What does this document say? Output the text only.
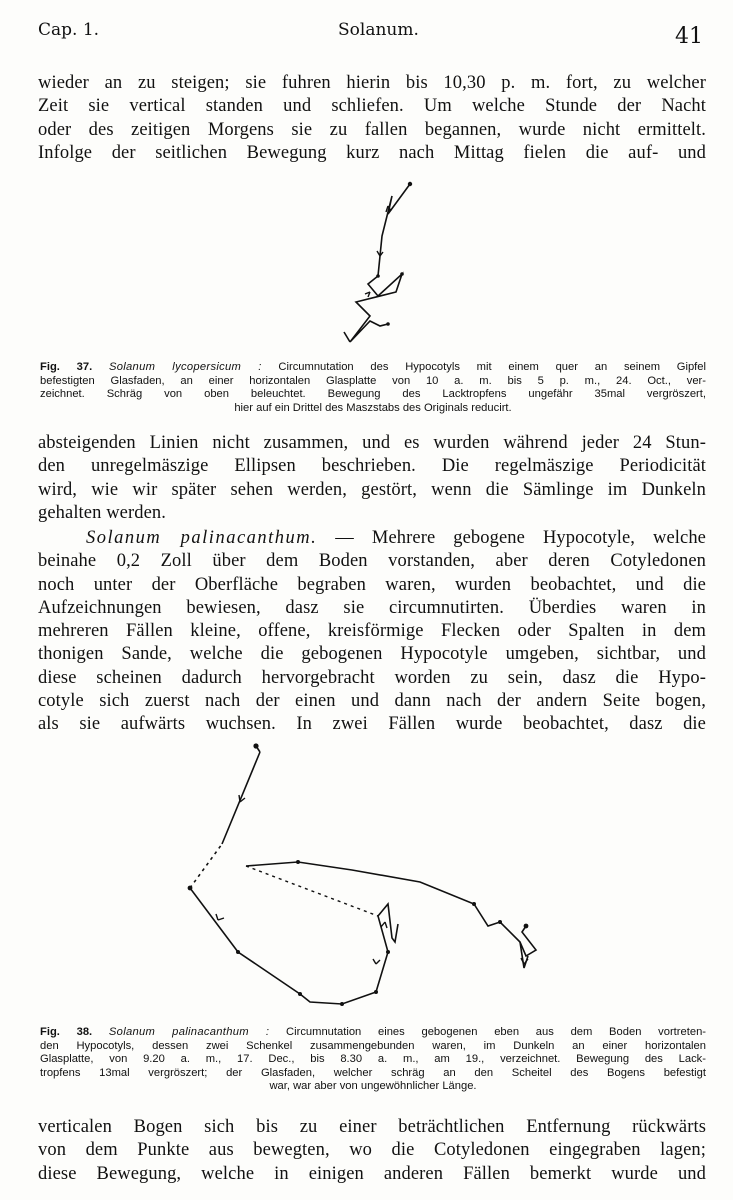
Cap. 1.	Solanum.	41
wieder an zu steigen; sie fuhren hierin bis 10,30 p. m. fort, zu welcher
Zeit sie vertical standen und schliefen. Um welche Stunde der Nacht
oder des zeitigen Morgens sie zu fallen begannen, wurde nicht ermittelt.
Infolge der seitlichen Bewegung kurz nach Mittag fielen die auf- und
Fig. 37. Solanum lycopersicum : Circumnutation des Hypocotyls mit einem quer an seinem Gipfel
befestigten Glasfaden, an einer horizontalen Glasplatte von 10 a. m. bis 5 p. m., 24. Oct., ver-
zeichnet. Schräg von oben beleuchtet. Bewegung des Lacktropfens ungefähr 35mal vergröszert,
hier auf ein Drittel des Maszstabs des Originals reducirt.
absteigenden Linien nicht zusammen, und es wurden während jeder 24 Stun-
den unregelmäszige Ellipsen beschrieben. Die regelmäszige Periodicität
wird, wie wir später sehen werden, gestört, wenn die Sämlinge im Dunkeln
gehalten werden.
Solanum palinacanthum. — Mehrere gebogene Hypocotyle, welche
beinahe 0,2 Zoll über dem Boden vorstanden, aber deren Cotyledonen
noch unter der Oberfläche begraben waren, wurden beobachtet, und die
Aufzeichnungen bewiesen, dasz sie circumnutirten. Überdies waren in
mehreren Fällen kleine, offene, kreisförmige Flecken oder Spalten in dem
thonigen Sande, welche die gebogenen Hypocotyle umgeben, sichtbar, und
diese scheinen dadurch hervorgebracht worden zu sein, dasz die Hypo-
cotyle sich zuerst nach der einen und dann nach der andern Seite bogen,
als sie aufwärts wuchsen. In zwei Fällen wurde beobachtet, dasz die
Fig. 38. Solanum palinacanthum : Circumnutation eines gebogenen eben aus dem Boden vortreten-
den Hypocotyls, dessen zwei Schenkel zusammengebunden waren, im Dunkeln an einer horizontalen
Glasplatte, von 9.20 a. m., 17. Dec., bis 8.30 a. m., am 19., verzeichnet. Bewegung des Lack-
tropfens 13mal vergröszert; der Glasfaden, welcher schräg an den Scheitel des Bogens befestigt
war, war aber von ungewöhnlicher Länge.
verticalen Bogen sich bis zu einer beträchtlichen Entfernung rückwärts
von dem Punkte aus bewegten, wo die Cotyledonen eingegraben lagen;
diese Bewegung, welche in einigen anderen Fällen bemerkt wurde und
